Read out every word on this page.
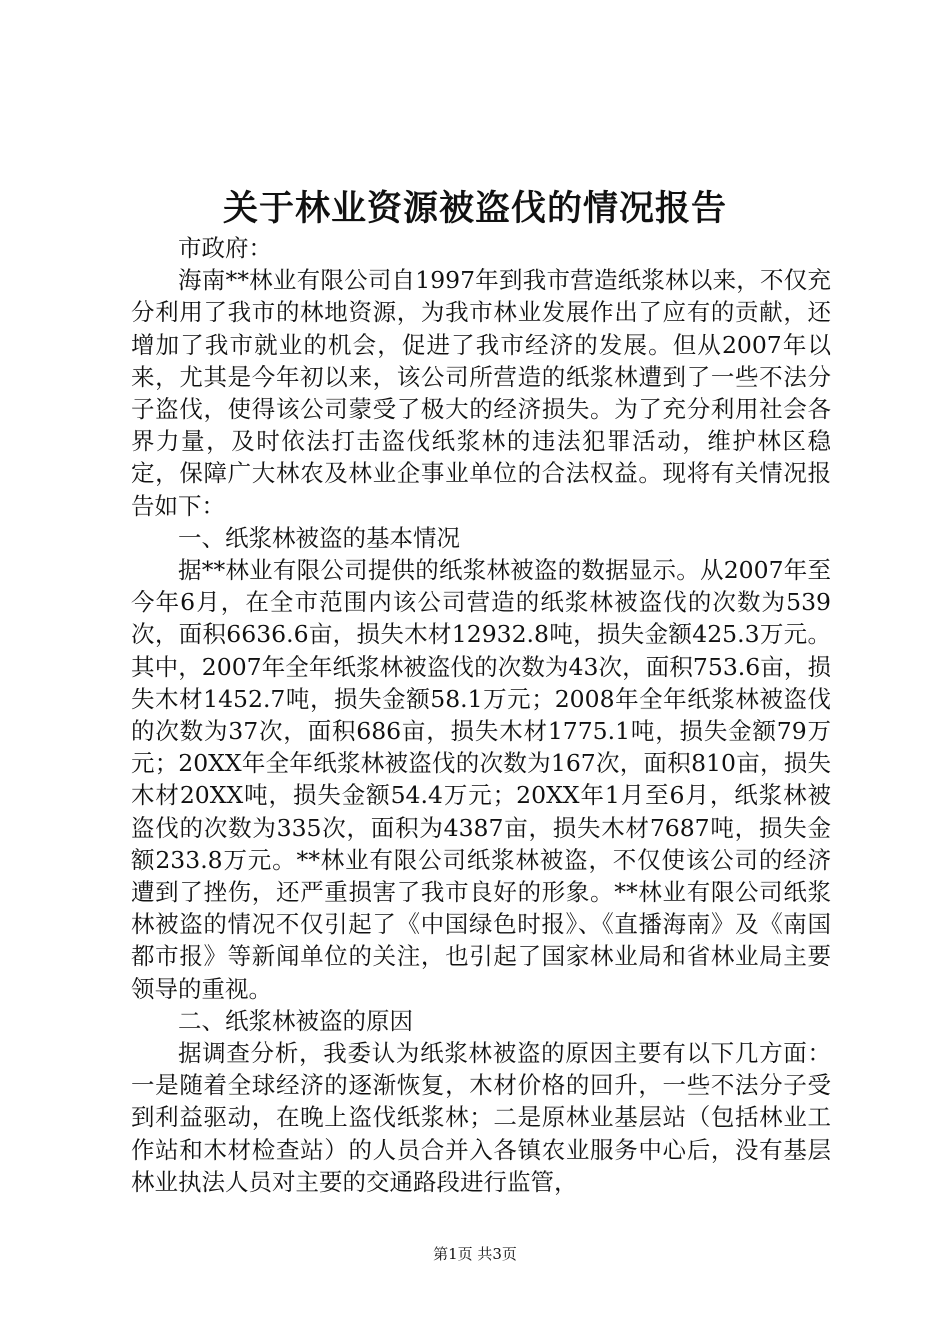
关于林业资源被盗伐的情况报告

市政府：

海南**林业有限公司自1997年到我市营造纸浆林以来，不仅充分利用了我市的林地资源，为我市林业发展作出了应有的贡献，还增加了我市就业的机会，促进了我市经济的发展。但从2007年以来，尤其是今年初以来，该公司所营造的纸浆林遭到了一些不法分子盗伐，使得该公司蒙受了极大的经济损失。为了充分利用社会各界力量，及时依法打击盗伐纸浆林的违法犯罪活动，维护林区稳定，保障广大林农及林业企事业单位的合法权益。现将有关情况报告如下：

一、纸浆林被盗的基本情况

据**林业有限公司提供的纸浆林被盗的数据显示。从2007年至今年6月，在全市范围内该公司营造的纸浆林被盗伐的次数为539次，面积6636.6亩，损失木材12932.8吨，损失金额425.3万元。其中，2007年全年纸浆林被盗伐的次数为43次，面积753.6亩，损失木材1452.7吨，损失金额58.1万元；2008年全年纸浆林被盗伐的次数为37次，面积686亩，损失木材1775.1吨，损失金额79万元；20XX年全年纸浆林被盗伐的次数为167次，面积810亩，损失木材20XX吨，损失金额54.4万元；20XX年1月至6月，纸浆林被盗伐的次数为335次，面积为4387亩，损失木材7687吨，损失金额233.8万元。**林业有限公司纸浆林被盗，不仅使该公司的经济遭到了挫伤，还严重损害了我市良好的形象。**林业有限公司纸浆林被盗的情况不仅引起了《中国绿色时报》、《直播海南》及《南国都市报》等新闻单位的关注，也引起了国家林业局和省林业局主要领导的重视。

二、纸浆林被盗的原因

据调查分析，我委认为纸浆林被盗的原因主要有以下几方面：一是随着全球经济的逐渐恢复，木材价格的回升，一些不法分子受到利益驱动，在晚上盗伐纸浆林；二是原林业基层站（包括林业工作站和木材检查站）的人员合并入各镇农业服务中心后，没有基层林业执法人员对主要的交通路段进行监管，

第1页 共3页
